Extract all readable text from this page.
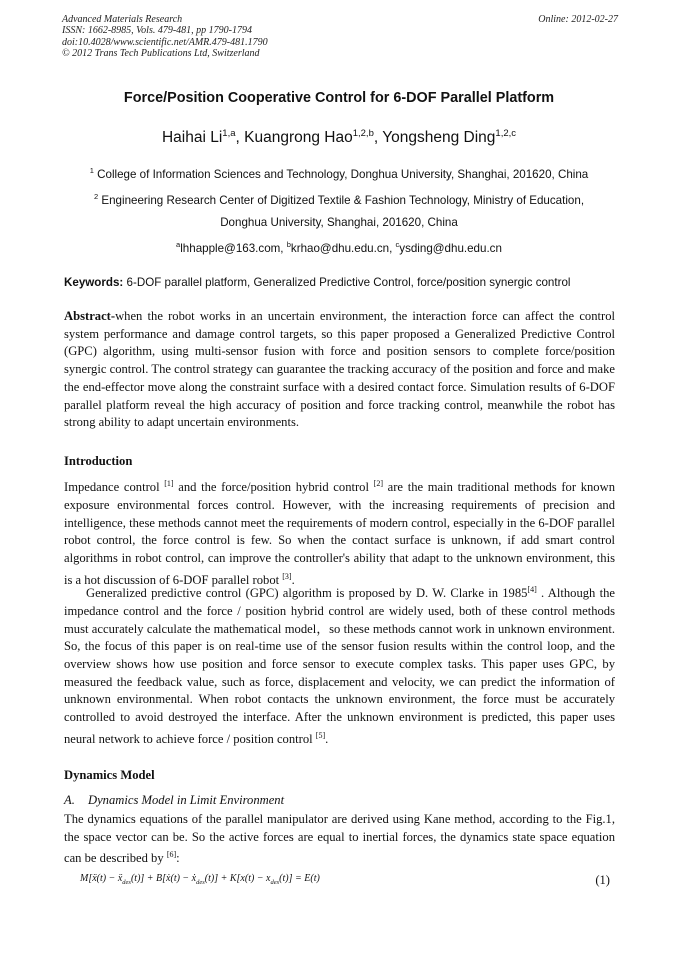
Advanced Materials Research	Online: 2012-02-27
ISSN: 1662-8985, Vols. 479-481, pp 1790-1794
doi:10.4028/www.scientific.net/AMR.479-481.1790
© 2012 Trans Tech Publications Ltd, Switzerland
Force/Position Cooperative Control for 6-DOF Parallel Platform
Haihai Li$^{1,a}$, Kuangrong Hao$^{1,2,b}$, Yongsheng Ding$^{1,2,c}$
$^1$ College of Information Sciences and Technology, Donghua University, Shanghai, 201620, China
$^2$ Engineering Research Center of Digitized Textile & Fashion Technology, Ministry of Education,
Donghua University, Shanghai, 201620, China
$^a$lhhapple@163.com, $^b$krhao@dhu.edu.cn, $^c$ysding@dhu.edu.cn
Keywords: 6-DOF parallel platform, Generalized Predictive Control, force/position synergic control
Abstract-when the robot works in an uncertain environment, the interaction force can affect the control system performance and damage control targets, so this paper proposed a Generalized Predictive Control (GPC) algorithm, using multi-sensor fusion with force and position sensors to complete force/position synergic control. The control strategy can guarantee the tracking accuracy of the position and force and make the end-effector move along the constraint surface with a desired contact force. Simulation results of 6-DOF parallel platform reveal the high accuracy of position and force tracking control, meanwhile the robot has strong ability to adapt uncertain environments.
Introduction
Impedance control [1] and the force/position hybrid control [2] are the main traditional methods for known exposure environmental forces control. However, with the increasing requirements of precision and intelligence, these methods cannot meet the requirements of modern control, especially in the 6-DOF parallel robot control, the force control is few. So when the contact surface is unknown, if add smart control algorithms in robot control, can improve the controller's ability that adapt to the unknown environment, this is a hot discussion of 6-DOF parallel robot [3].
Generalized predictive control (GPC) algorithm is proposed by D. W. Clarke in 1985[4] . Although the impedance control and the force / position hybrid control are widely used, both of these control methods must accurately calculate the mathematical model，so these methods cannot work in unknown environment. So, the focus of this paper is on real-time use of the sensor fusion results within the control loop, and the overview shows how use position and force sensor to execute complex tasks. This paper uses GPC, by measured the feedback value, such as force, displacement and velocity, we can predict the information of unknown environmental. When robot contacts the unknown environment, the force must be accurately controlled to avoid destroyed the interface. After the unknown environment is predicted, this paper uses neural network to achieve force / position control [5].
Dynamics Model
A. Dynamics Model in Limit Environment
The dynamics equations of the parallel manipulator are derived using Kane method, according to the Fig.1, the space vector can be. So the active forces are equal to inertial forces, the dynamics state space equation can be described by [6]:
M[ẍ(t) − ẍ$_{des}$(t)] + B[ẋ(t) − ẋ$_{des}$(t)] + $K[x(t) - x_{des}(t)] = E(t)$	(1)
